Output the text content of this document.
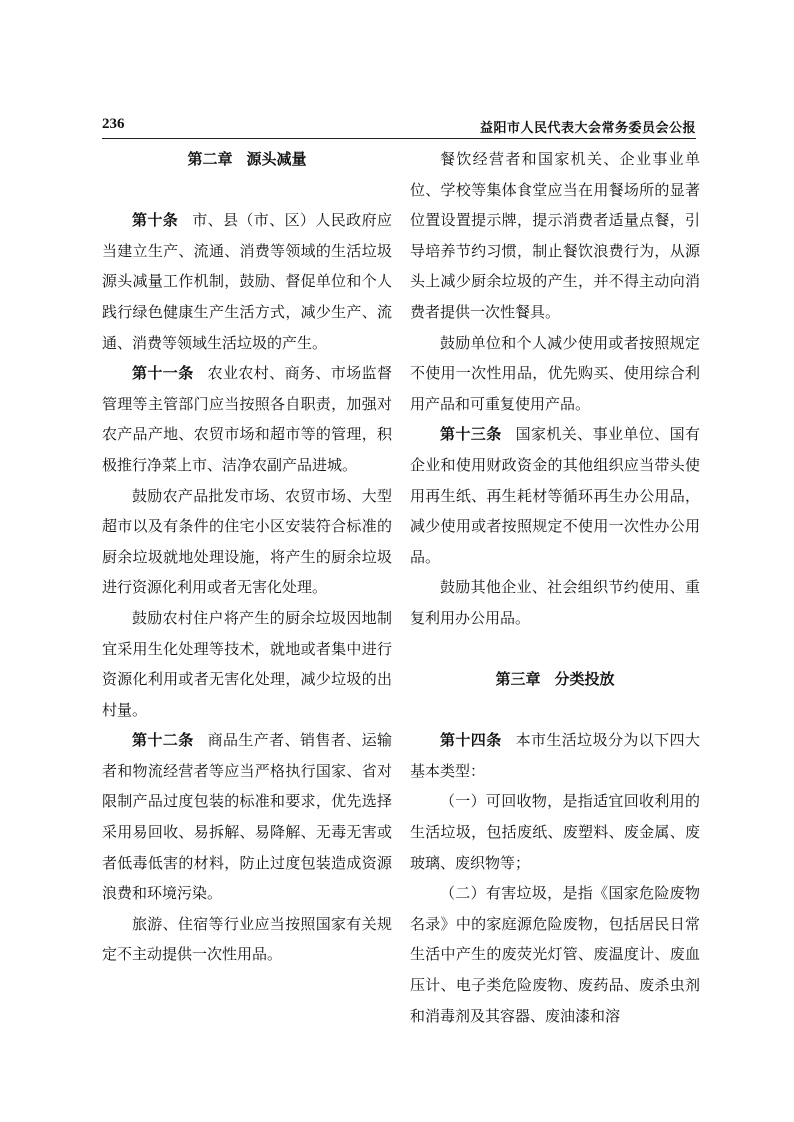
236	益阳市人民代表大会常务委员会公报
第二章 源头减量

第十条 市、县（市、区）人民政府应当建立生产、流通、消费等领域的生活垃圾源头减量工作机制，鼓励、督促单位和个人践行绿色健康生产生活方式，减少生产、流通、消费等领域生活垃圾的产生。

第十一条 农业农村、商务、市场监督管理等主管部门应当按照各自职责，加强对农产品产地、农贸市场和超市等的管理，积极推行净菜上市、洁净农副产品进城。

鼓励农产品批发市场、农贸市场、大型超市以及有条件的住宅小区安装符合标准的厨余垃圾就地处理设施，将产生的厨余垃圾进行资源化利用或者无害化处理。

鼓励农村住户将产生的厨余垃圾因地制宜采用生化处理等技术，就地或者集中进行资源化利用或者无害化处理，减少垃圾的出村量。

第十二条 商品生产者、销售者、运输者和物流经营者等应当严格执行国家、省对限制产品过度包装的标准和要求，优先选择采用易回收、易拆解、易降解、无毒无害或者低毒低害的材料，防止过度包装造成资源浪费和环境污染。

旅游、住宿等行业应当按照国家有关规定不主动提供一次性用品。

餐饮经营者和国家机关、企业事业单位、学校等集体食堂应当在用餐场所的显著位置设置提示牌，提示消费者适量点餐，引导培养节约习惯，制止餐饮浪费行为，从源头上减少厨余垃圾的产生，并不得主动向消费者提供一次性餐具。

鼓励单位和个人减少使用或者按照规定不使用一次性用品，优先购买、使用综合利用产品和可重复使用产品。

第十三条 国家机关、事业单位、国有企业和使用财政资金的其他组织应当带头使用再生纸、再生耗材等循环再生办公用品，减少使用或者按照规定不使用一次性办公用品。

鼓励其他企业、社会组织节约使用、重复利用办公用品。

第三章 分类投放

第十四条 本市生活垃圾分为以下四大基本类型：

（一）可回收物，是指适宜回收利用的生活垃圾，包括废纸、废塑料、废金属、废玻璃、废织物等；

（二）有害垃圾，是指《国家危险废物名录》中的家庭源危险废物，包括居民日常生活中产生的废荧光灯管、废温度计、废血压计、电子类危险废物、废药品、废杀虫剂和消毒剂及其容器、废油漆和溶
